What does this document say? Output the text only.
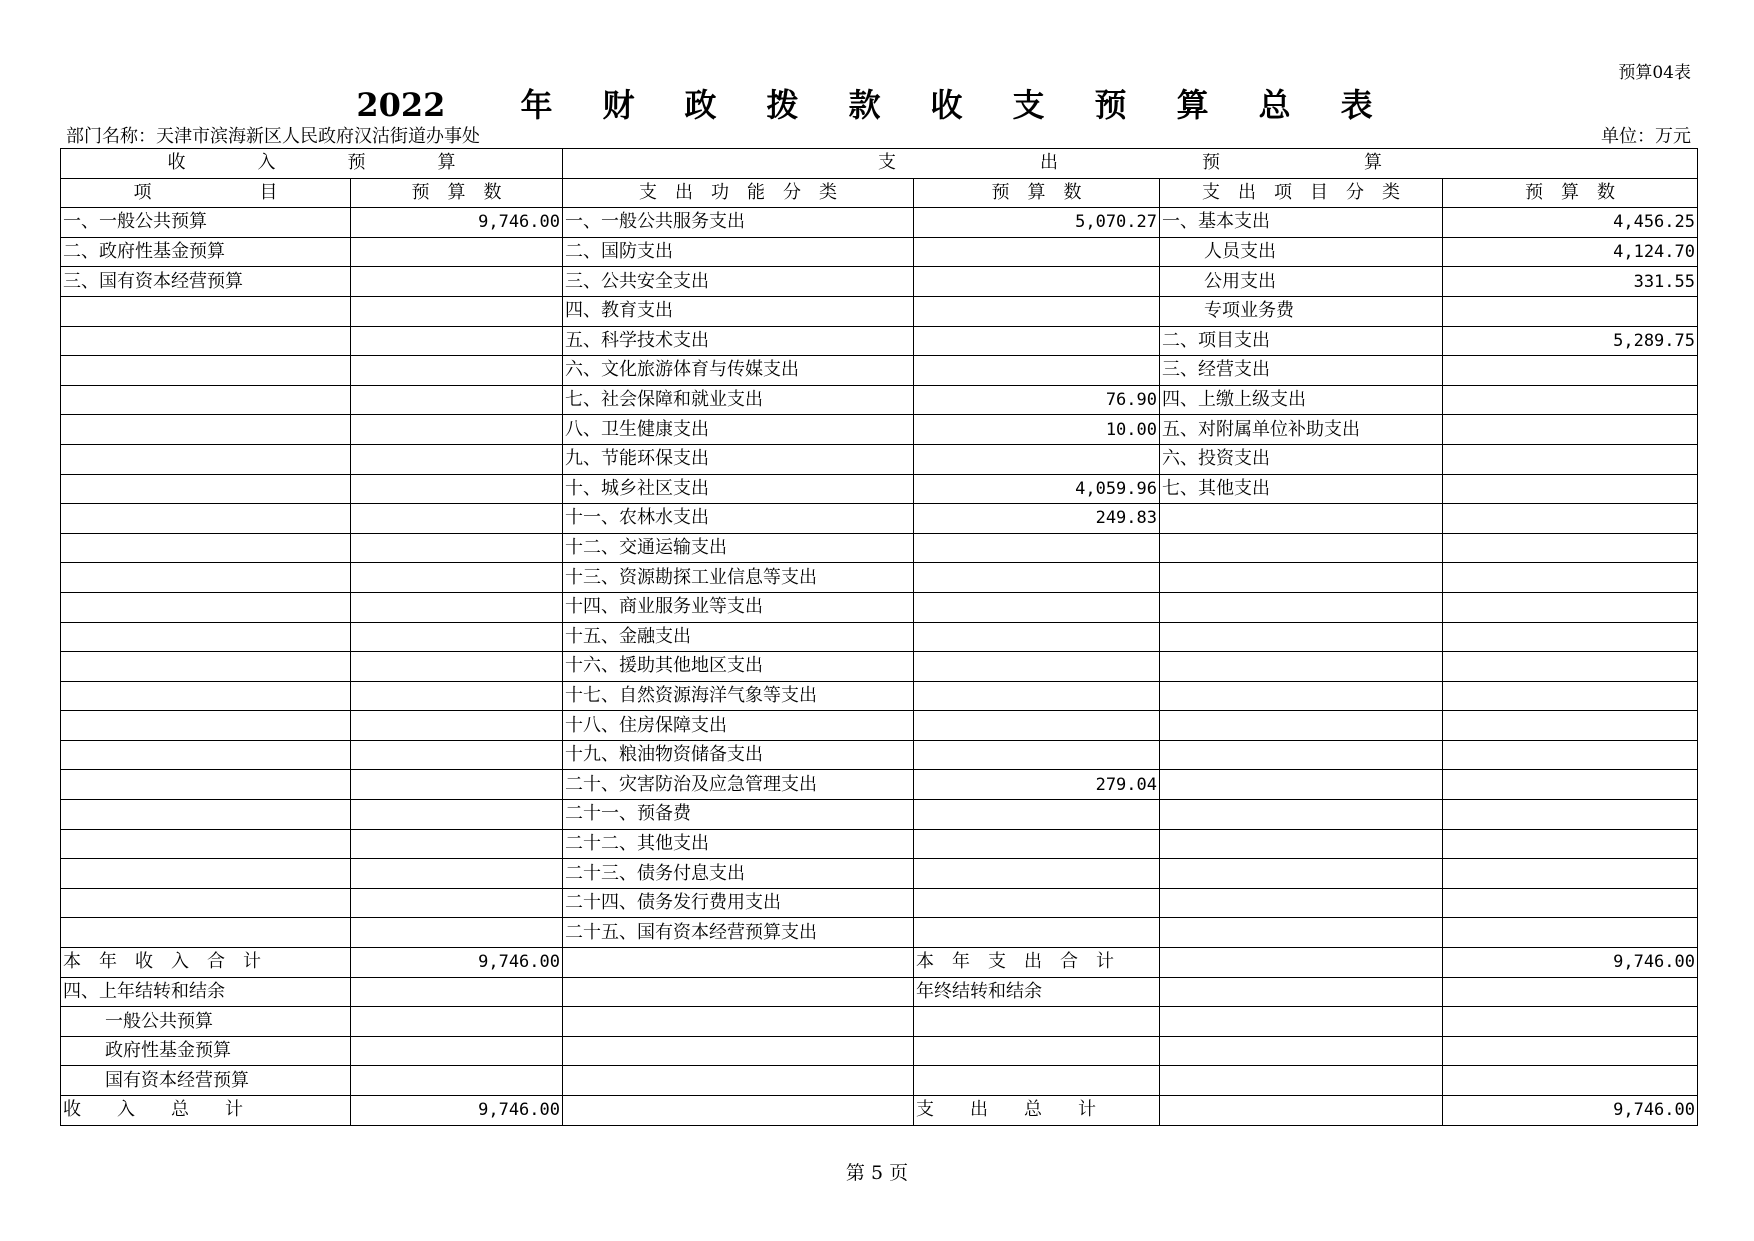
预算04表
2022 年 财 政 拨 款 收 支 预 算 总 表
部门名称：天津市滨海新区人民政府汉沽街道办事处	单位：万元
收　　　　入　　　　预　　　　算		支　　　　　　　　出　　　　　　　　预　　　　　　　　算			
项　　　　　　目	预　算　数	支　出　功　能　分　类	预　算　数	支　出　项　目　分　类	预　算　数
一、一般公共预算	9,746.00	一、一般公共服务支出	5,070.27	一、基本支出	4,456.25
二、政府性基金预算		二、国防支出		人员支出	4,124.70
三、国有资本经营预算		三、公共安全支出		公用支出	331.55
		四、教育支出		专项业务费	
		五、科学技术支出		二、项目支出	5,289.75
		六、文化旅游体育与传媒支出		三、经营支出	
		七、社会保障和就业支出	76.90	四、上缴上级支出	
		八、卫生健康支出	10.00	五、对附属单位补助支出	
		九、节能环保支出		六、投资支出	
		十、城乡社区支出	4,059.96	七、其他支出	
		十一、农林水支出	249.83		
		十二、交通运输支出			
		十三、资源勘探工业信息等支出			
		十四、商业服务业等支出			
		十五、金融支出			
		十六、援助其他地区支出			
		十七、自然资源海洋气象等支出			
		十八、住房保障支出			
		十九、粮油物资储备支出			
		二十、灾害防治及应急管理支出	279.04		
		二十一、预备费			
		二十二、其他支出			
		二十三、债务付息支出			
		二十四、债务发行费用支出			
		二十五、国有资本经营预算支出			
本　年　收　入　合　计	9,746.00		本　年　支　出　合　计		9,746.00
四、上年结转和结余			年终结转和结余		
一般公共预算					
政府性基金预算					
国有资本经营预算					
收　　入　　总　　计	9,746.00		支　　出　　总　　计		9,746.00
第 5 页
